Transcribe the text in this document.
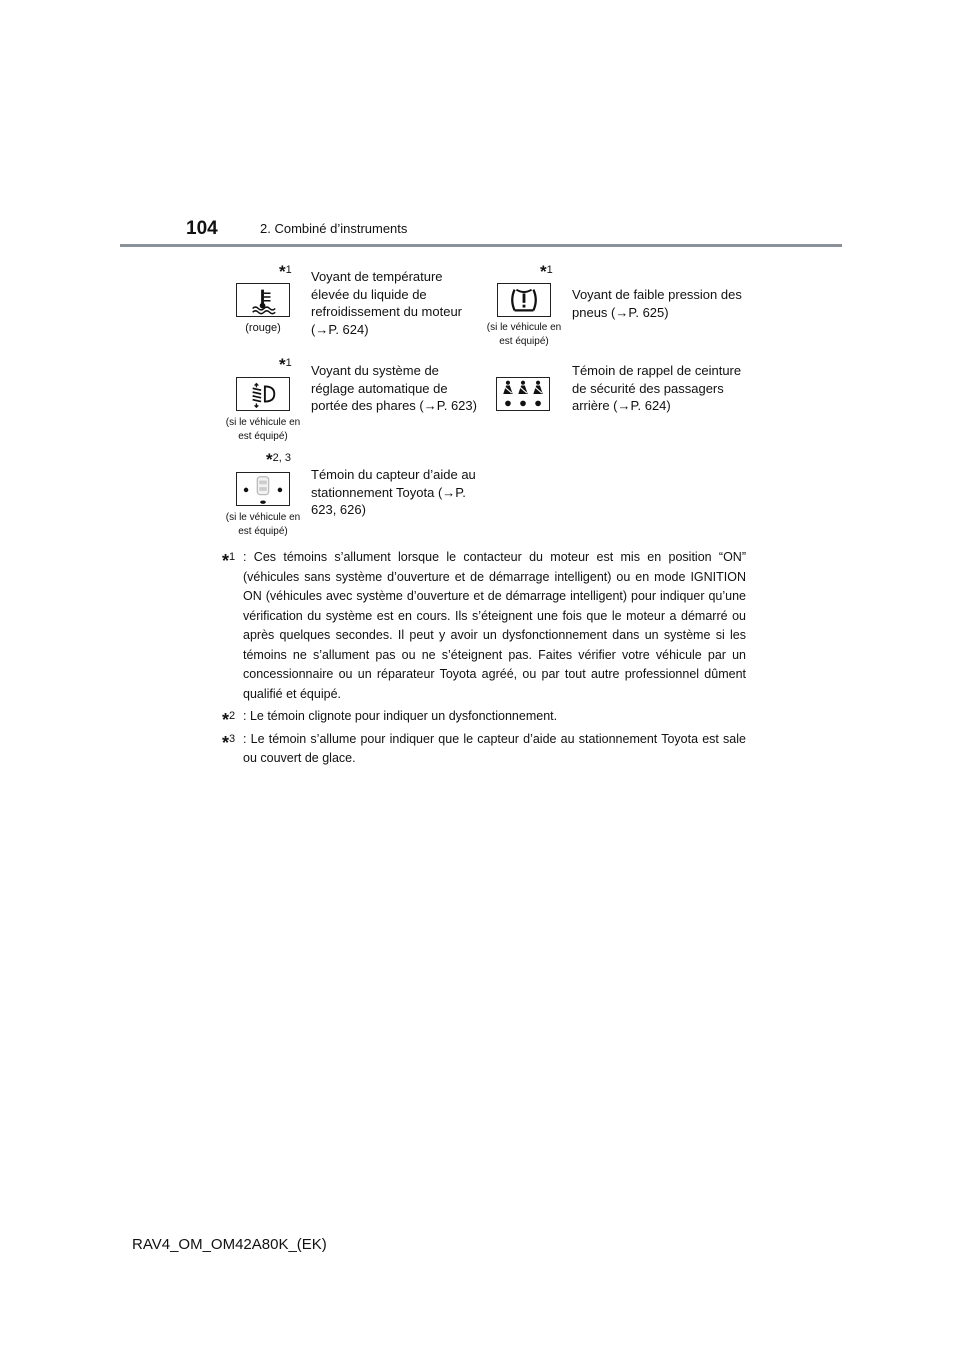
104	2. Combiné d’instruments
*1
(rouge)
Voyant de température élevée du liquide de refroidissement du moteur (→P. 624)
*1
(si le véhicule en est équipé)
Voyant de faible pression des pneus (→P. 625)
*1
(si le véhicule en est équipé)
Voyant du système de réglage automatique de portée des phares (→P. 623)
Témoin de rappel de ceinture de sécurité des passagers arrière (→P. 624)
*2, 3
(si le véhicule en est équipé)
Témoin du capteur d’aide au stationnement Toyota (→P. 623, 626)
*1 : Ces témoins s’allument lorsque le contacteur du moteur est mis en position “ON” (véhicules sans système d’ouverture et de démarrage intelligent) ou en mode IGNITION ON (véhicules avec système d’ouverture et de démarrage intelligent) pour indiquer qu’une vérification du système est en cours. Ils s’éteignent une fois que le moteur a démarré ou après quelques secondes. Il peut y avoir un dysfonctionnement dans un système si les témoins ne s’allument pas ou ne s’éteignent pas. Faites vérifier votre véhicule par un concessionnaire ou un réparateur Toyota agréé, ou par tout autre professionnel dûment qualifié et équipé.
*2 : Le témoin clignote pour indiquer un dysfonctionnement.
*3 : Le témoin s’allume pour indiquer que le capteur d’aide au stationnement Toyota est sale ou couvert de glace.
RAV4_OM_OM42A80K_(EK)
